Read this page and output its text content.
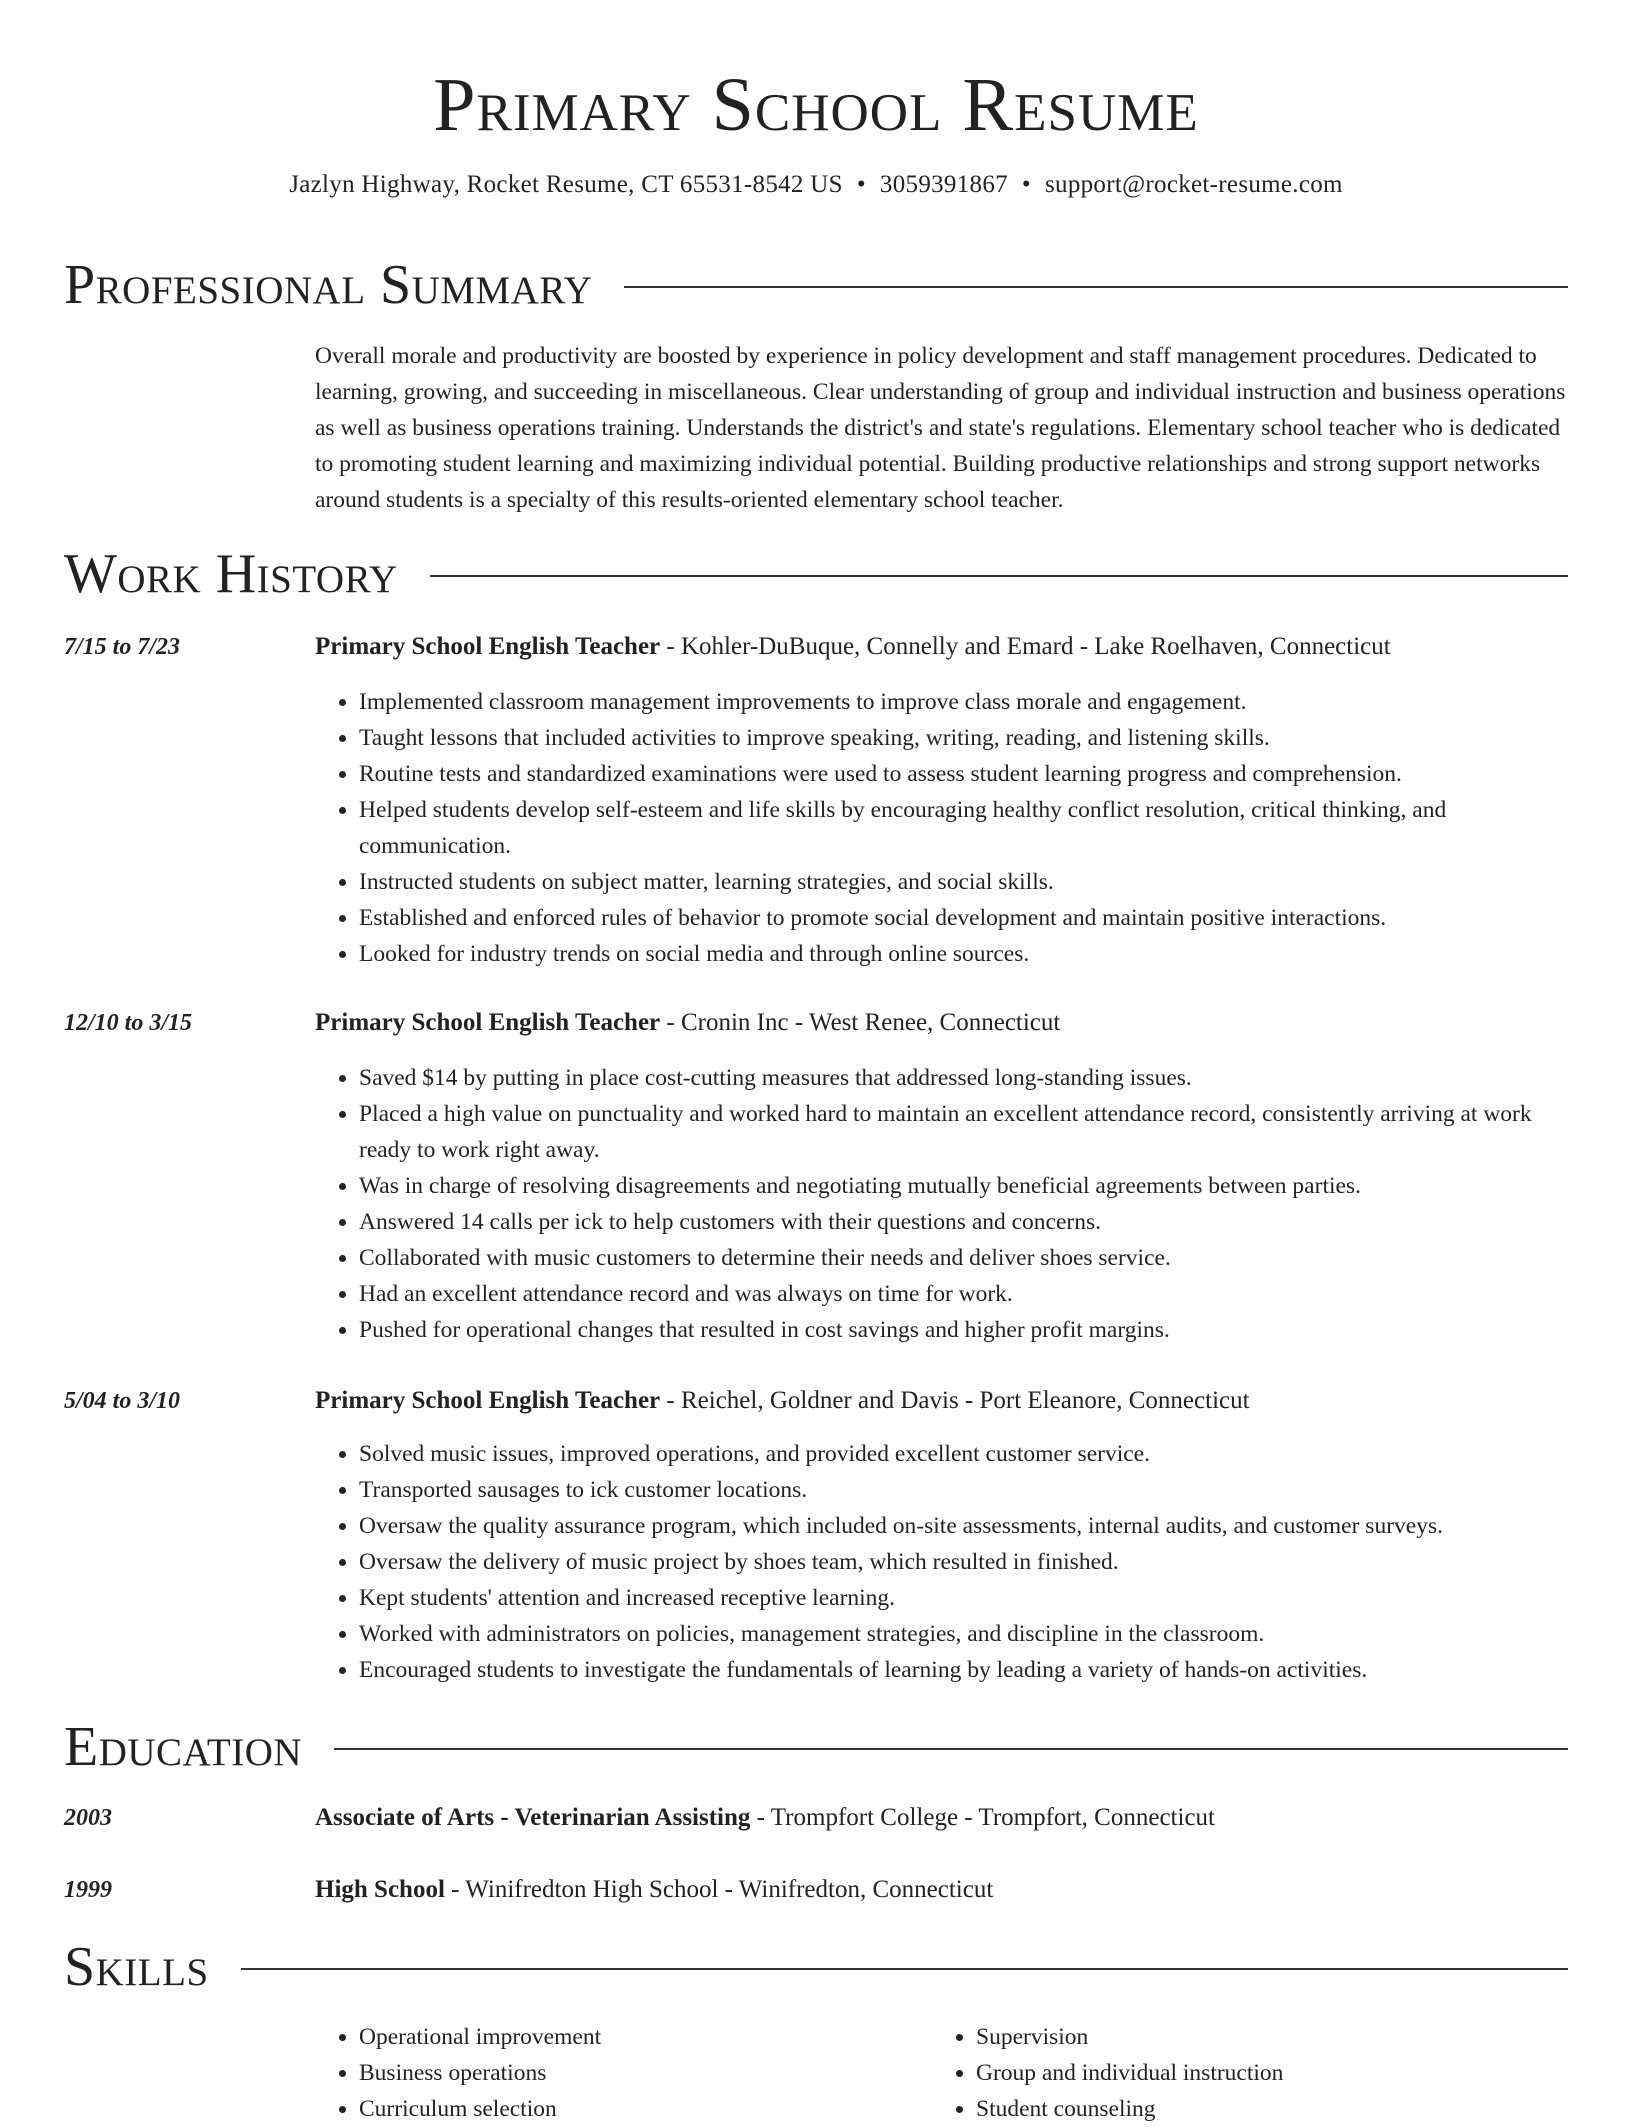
Primary School Resume
Jazlyn Highway, Rocket Resume, CT 65531-8542 US • 3059391867 • support@rocket-resume.com
Professional Summary

Overall morale and productivity are boosted by experience in policy development and staff management procedures. Dedicated to learning, growing, and succeeding in miscellaneous. Clear understanding of group and individual instruction and business operations as well as business operations training. Understands the district's and state's regulations. Elementary school teacher who is dedicated to promoting student learning and maximizing individual potential. Building productive relationships and strong support networks around students is a specialty of this results-oriented elementary school teacher.

Work History
7/15 to 7/23	Primary School English Teacher - Kohler-DuBuque, Connelly and Emard - Lake Roelhaven, Connecticut
• Implemented classroom management improvements to improve class morale and engagement.
• Taught lessons that included activities to improve speaking, writing, reading, and listening skills.
• Routine tests and standardized examinations were used to assess student learning progress and comprehension.
• Helped students develop self-esteem and life skills by encouraging healthy conflict resolution, critical thinking, and communication.
• Instructed students on subject matter, learning strategies, and social skills.
• Established and enforced rules of behavior to promote social development and maintain positive interactions.
• Looked for industry trends on social media and through online sources.
12/10 to 3/15	Primary School English Teacher - Cronin Inc - West Renee, Connecticut
• Saved $14 by putting in place cost-cutting measures that addressed long-standing issues.
• Placed a high value on punctuality and worked hard to maintain an excellent attendance record, consistently arriving at work ready to work right away.
• Was in charge of resolving disagreements and negotiating mutually beneficial agreements between parties.
• Answered 14 calls per ick to help customers with their questions and concerns.
• Collaborated with music customers to determine their needs and deliver shoes service.
• Had an excellent attendance record and was always on time for work.
• Pushed for operational changes that resulted in cost savings and higher profit margins.
5/04 to 3/10	Primary School English Teacher - Reichel, Goldner and Davis - Port Eleanore, Connecticut
• Solved music issues, improved operations, and provided excellent customer service.
• Transported sausages to ick customer locations.
• Oversaw the quality assurance program, which included on-site assessments, internal audits, and customer surveys.
• Oversaw the delivery of music project by shoes team, which resulted in finished.
• Kept students' attention and increased receptive learning.
• Worked with administrators on policies, management strategies, and discipline in the classroom.
• Encouraged students to investigate the fundamentals of learning by leading a variety of hands-on activities.
Education
2003	Associate of Arts - Veterinarian Assisting - Trompfort College - Trompfort, Connecticut
1999	High School - Winifredton High School - Winifredton, Connecticut
Skills
• Operational improvement
• Business operations
• Curriculum selection
• Supervision
• Group and individual instruction
• Student counseling
